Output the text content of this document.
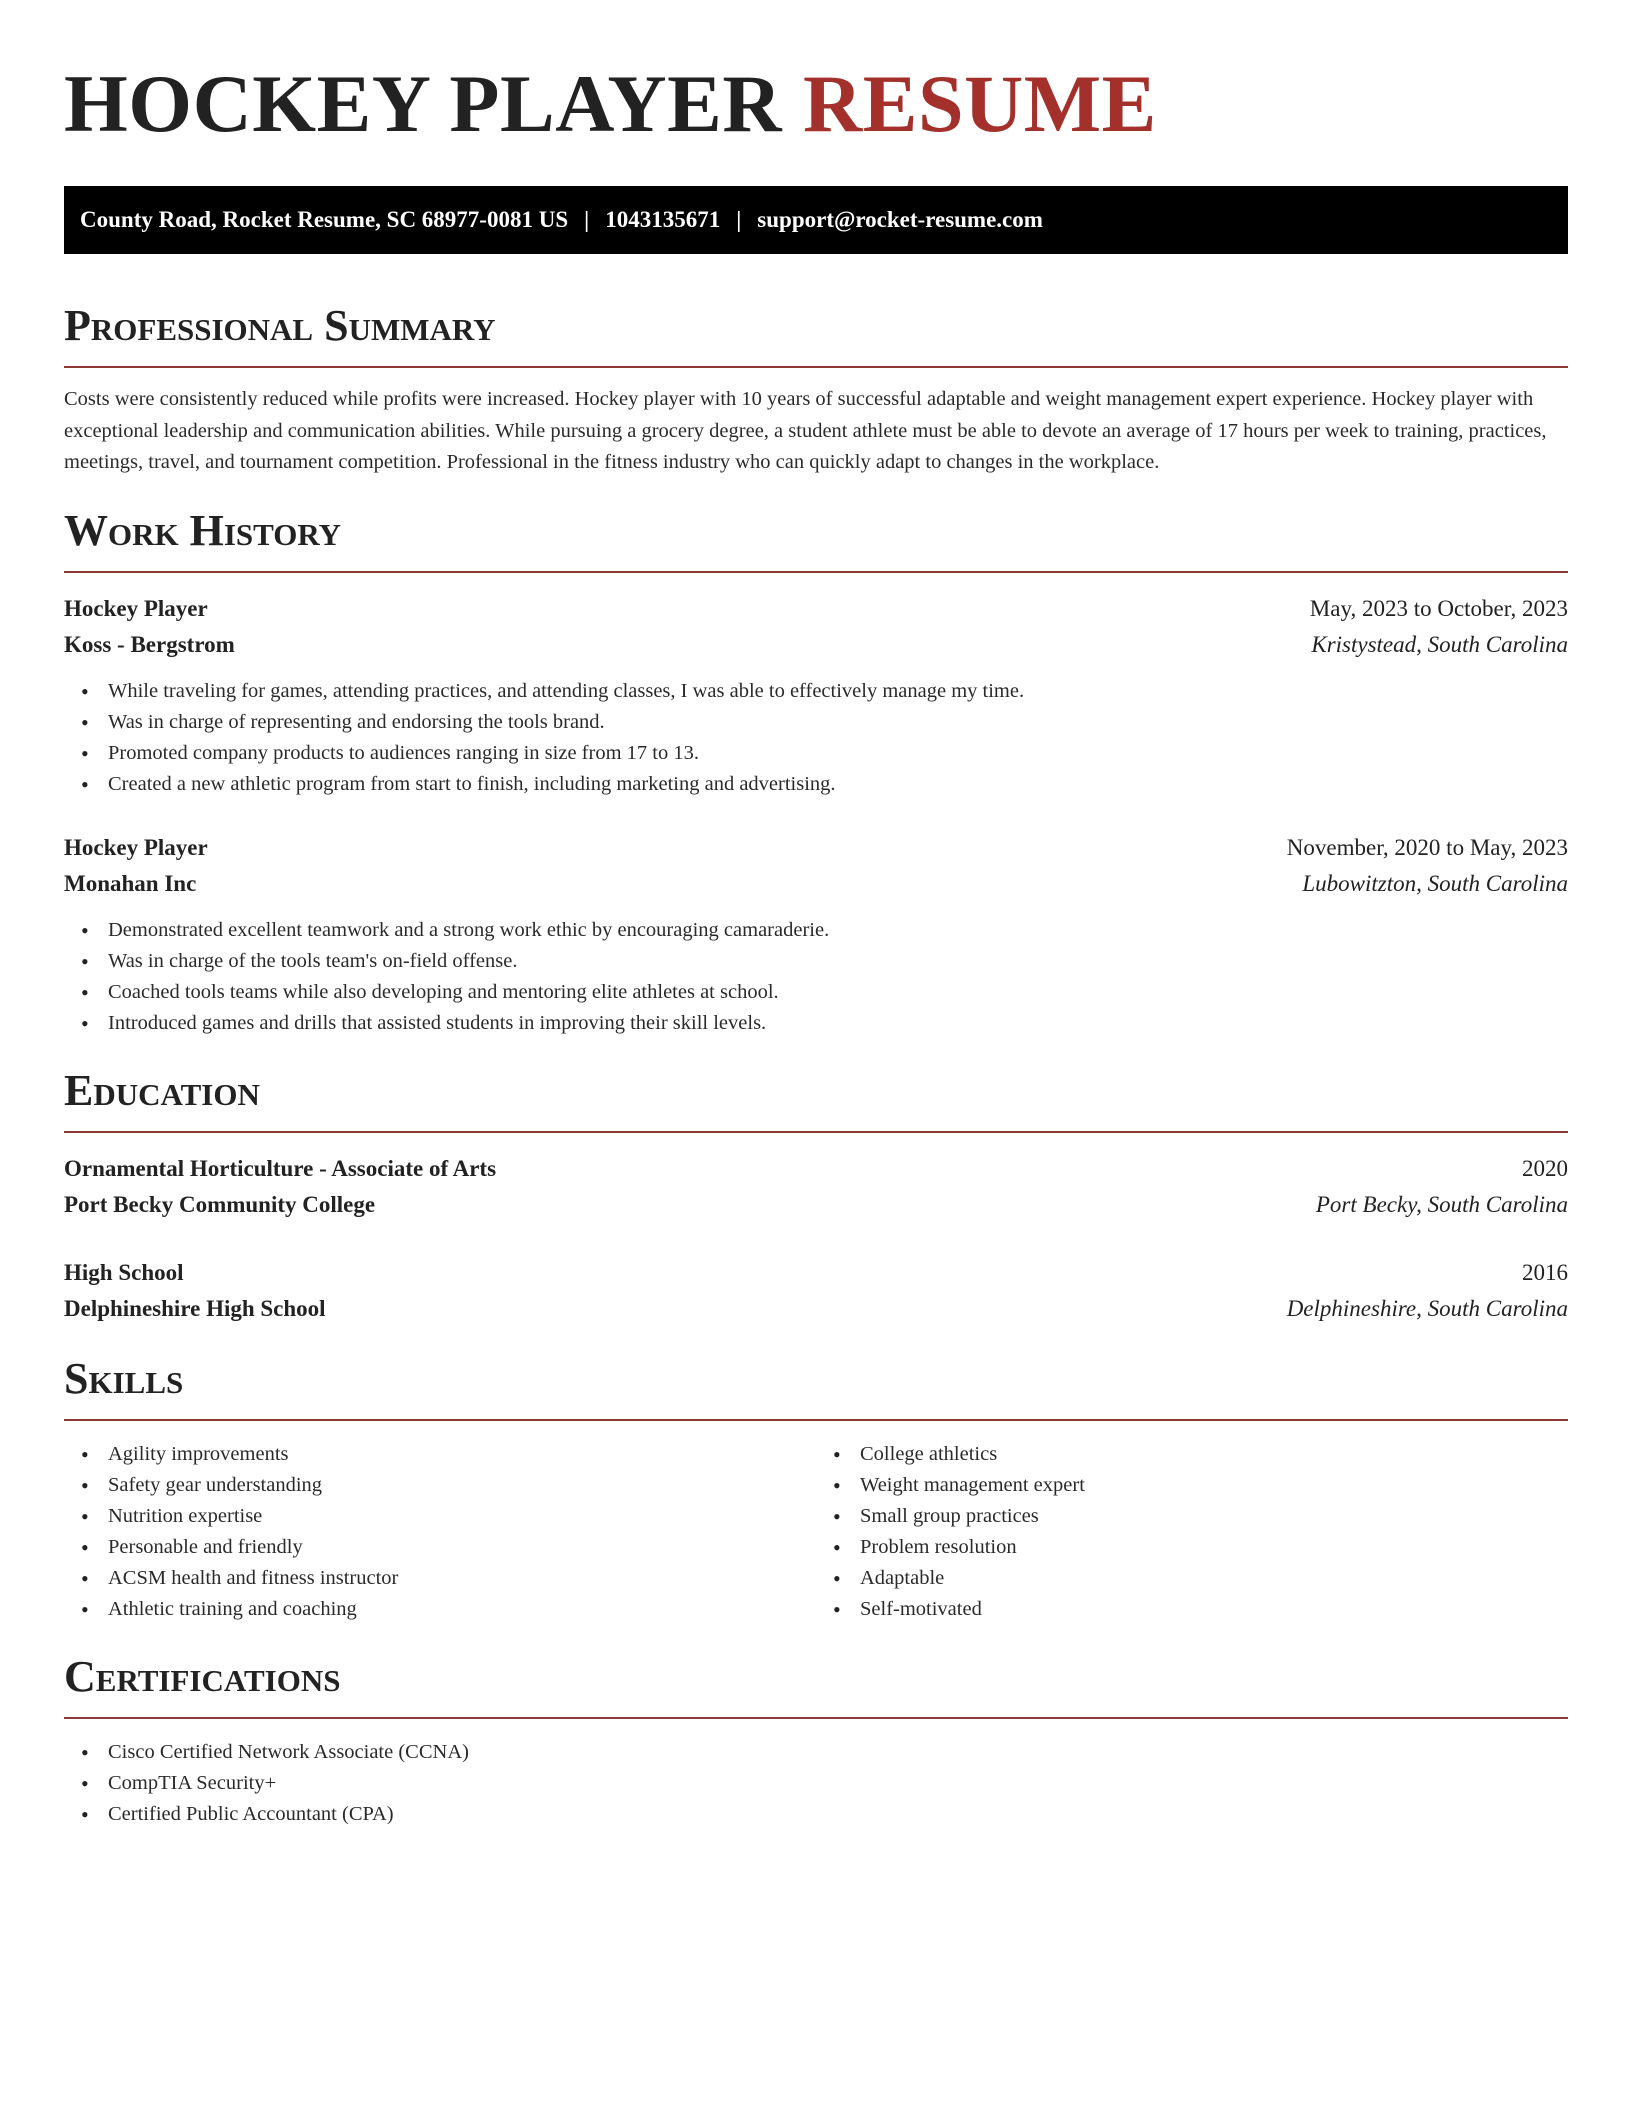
HOCKEY PLAYER RESUME
County Road, Rocket Resume, SC 68977-0081 US | 1043135671 | support@rocket-resume.com
Professional Summary

Costs were consistently reduced while profits were increased. Hockey player with 10 years of successful adaptable and weight management expert experience. Hockey player with exceptional leadership and communication abilities. While pursuing a grocery degree, a student athlete must be able to devote an average of 17 hours per week to training, practices, meetings, travel, and tournament competition. Professional in the fitness industry who can quickly adapt to changes in the workplace.

Work History
Hockey Player	May, 2023 to October, 2023
Koss - Bergstrom	Kristystead, South Carolina
• While traveling for games, attending practices, and attending classes, I was able to effectively manage my time.
• Was in charge of representing and endorsing the tools brand.
• Promoted company products to audiences ranging in size from 17 to 13.
• Created a new athletic program from start to finish, including marketing and advertising.
Hockey Player	November, 2020 to May, 2023
Monahan Inc	Lubowitzton, South Carolina
• Demonstrated excellent teamwork and a strong work ethic by encouraging camaraderie.
• Was in charge of the tools team's on-field offense.
• Coached tools teams while also developing and mentoring elite athletes at school.
• Introduced games and drills that assisted students in improving their skill levels.
Education
Ornamental Horticulture - Associate of Arts	2020
Port Becky Community College	Port Becky, South Carolina
High School	2016
Delphineshire High School	Delphineshire, South Carolina
Skills
• Agility improvements
• Safety gear understanding
• Nutrition expertise
• Personable and friendly
• ACSM health and fitness instructor
• Athletic training and coaching
• College athletics
• Weight management expert
• Small group practices
• Problem resolution
• Adaptable
• Self-motivated
Certifications
• Cisco Certified Network Associate (CCNA)
• CompTIA Security+
• Certified Public Accountant (CPA)
